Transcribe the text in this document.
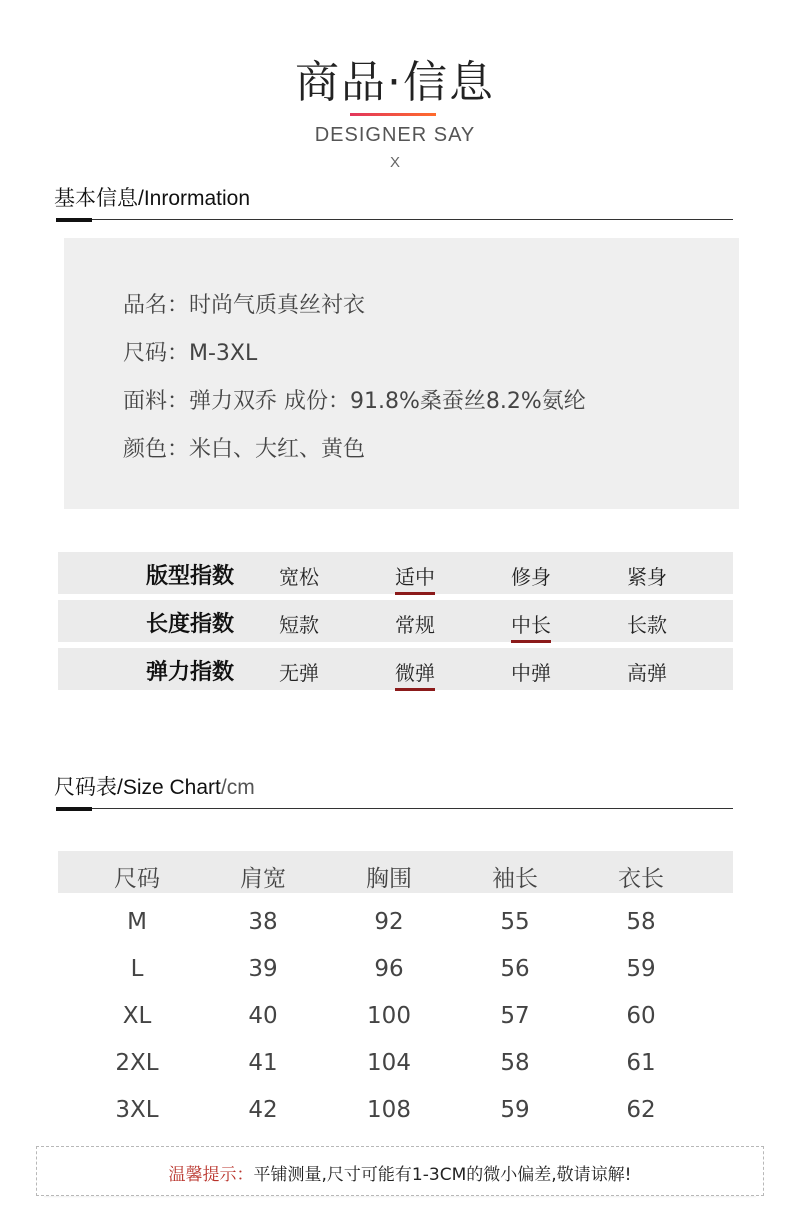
商品·信息
DESIGNER SAY
X
基本信息/Inrormation
品名：时尚气质真丝衬衣
尺码：M-3XL
面料：弹力双乔 成份：91.8%桑蚕丝8.2%氨纶
颜色：米白、大红、黄色
版型指数 宽松	适中	修身	紧身
长度指数 短款	常规	中长	长款
弹力指数 无弹	微弹	中弹	高弹
尺码表/Size Chart/cm
尺码	肩宽	胸围	袖长	衣长
M	38	92	55	58
L	39	96	56	59
XL	40	100	57	60
2XL	41	104	58	61
3XL	42	108	59	62
温馨提示：平铺测量,尺寸可能有1-3CM的微小偏差,敬请谅解!
